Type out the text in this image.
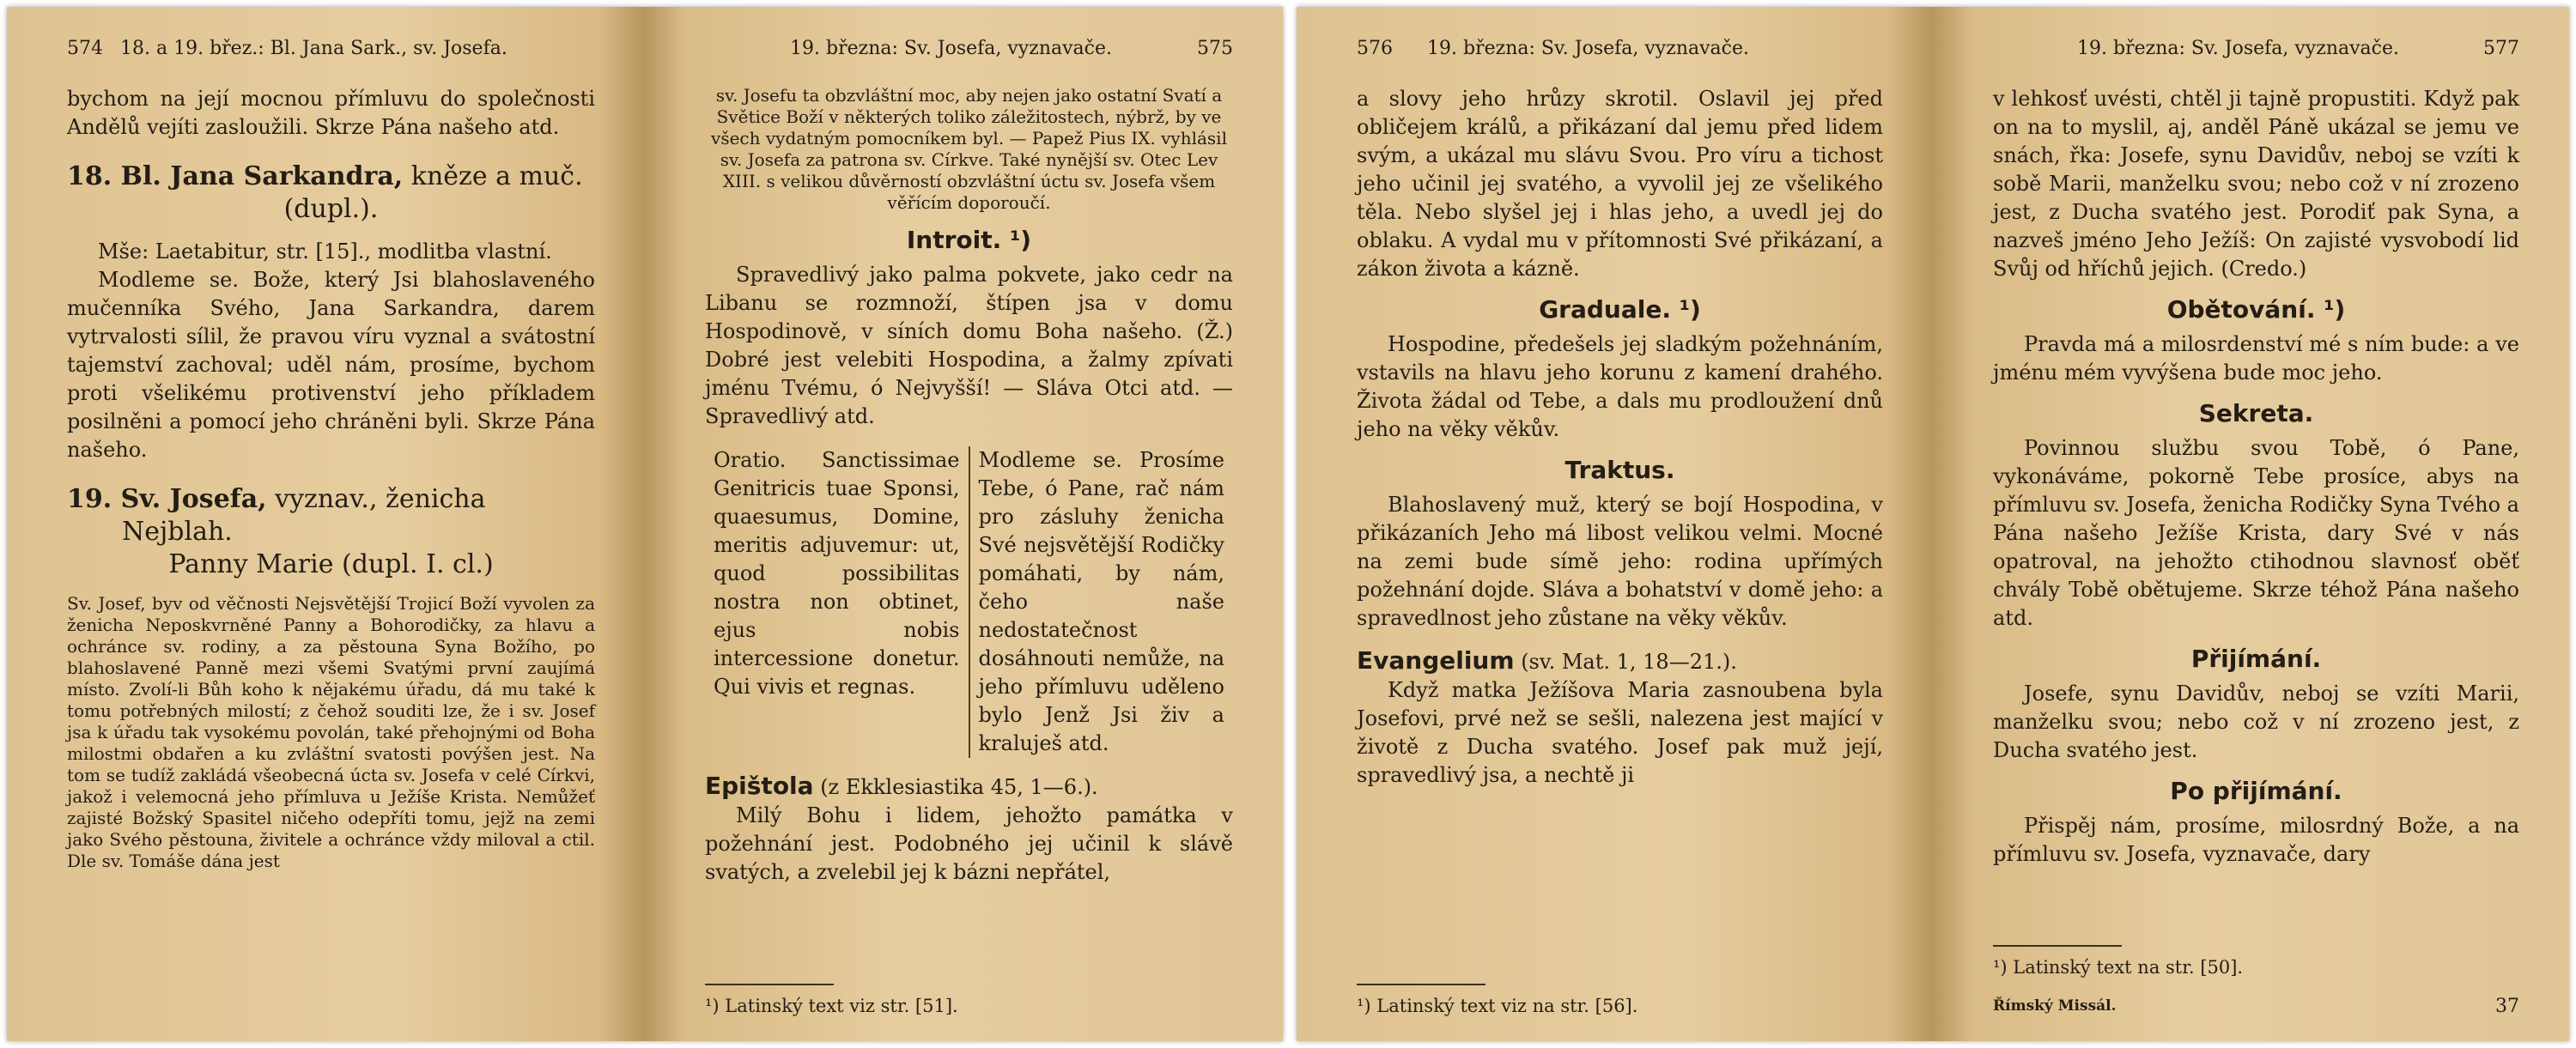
574 18. a 19. břez.: Bl. Jana Sark., sv. Josefa.

bychom na její mocnou přímluvu do společnosti Andělů vejíti zasloužili. Skrze Pána našeho atd.

18. Bl. Jana Sarkandra, kněze a muč.
(dupl.).

Mše: Laetabitur, str. [15]., modlitba vlastní.

Modleme se. Bože, který Jsi blahoslaveného mučenníka Svého, Jana Sarkandra, darem vytrvalosti sílil, že pravou víru vyznal a svátostní tajemství zachoval; uděl nám, prosíme, bychom proti všelikému protivenství jeho příkladem posilněni a pomocí jeho chráněni byli. Skrze Pána našeho.

19. Sv. Josefa, vyznav., ženicha Nejblah.
Panny Marie (dupl. I. cl.)

Sv. Josef, byv od věčnosti Nejsvětější Trojicí Boží vyvolen za ženicha Neposkvrněné Panny a Bohorodičky, za hlavu a ochránce sv. rodiny, a za pěstouna Syna Božího, po blahoslavené Panně mezi všemi Svatými první zaujímá místo. Zvolí-li Bůh koho k nějakému úřadu, dá mu také k tomu potřebných milostí; z čehož souditi lze, že i sv. Josef jsa k úřadu tak vysokému povolán, také přehojnými od Boha milostmi obdařen a ku zvláštní svatosti povýšen jest. Na tom se tudíž zakládá všeobecná úcta sv. Josefa v celé Církvi, jakož i velemocná jeho přímluva u Ježíše Krista. Nemůžeť zajisté Božský Spasitel ničeho odepříti tomu, jejž na zemi jako Svého pěstouna, živitele a ochránce vždy miloval a ctil. Dle sv. Tomáše dána jest

19. března: Sv. Josefa, vyznavače.	575

sv. Josefu ta obzvláštní moc, aby nejen jako ostatní Svatí a Světice Boží v některých toliko záležitostech, nýbrž, by ve všech vydatným pomocníkem byl. — Papež Pius IX. vyhlásil sv. Josefa za patrona sv. Církve. Také nynější sv. Otec Lev XIII. s velikou důvěrností obzvláštní úctu sv. Josefa všem věřícím doporoučí.

Introit. ¹)

Spravedlivý jako palma pokvete, jako cedr na Libanu se rozmnoží, štípen jsa v domu Hospodinově, v síních domu Boha našeho. (Ž.) Dobré jest velebiti Hospodina, a žalmy zpívati jménu Tvému, ó Nejvyšší! — Sláva Otci atd. — Spravedlivý atd.

Oratio. Sanctissimae Genitricis tuae Sponsi, quaesumus, Domine, meritis adjuvemur: ut, quod possibilitas nostra non obtinet, ejus nobis intercessione donetur. Qui vivis et regnas.
Modleme se. Prosíme Tebe, ó Pane, rač nám pro zásluhy ženicha Své nejsvětější Rodičky pomáhati, by nám, čeho naše nedostatečnost dosáhnouti nemůže, na jeho přímluvu uděleno bylo Jenž Jsi živ a kraluješ atd.

Epištola (z Ekklesiastika 45, 1—6.).

Milý Bohu i lidem, jehožto památka v požehnání jest. Podobného jej učinil k slávě svatých, a zvelebil jej k bázni nepřátel,

¹) Latinský text viz str. [51].
576	19. března: Sv. Josefa, vyznavače.

a slovy jeho hrůzy skrotil. Oslavil jej před obličejem králů, a přikázaní dal jemu před lidem svým, a ukázal mu slávu Svou. Pro víru a tichost jeho učinil jej svatého, a vyvolil jej ze všelikého těla. Nebo slyšel jej i hlas jeho, a uvedl jej do oblaku. A vydal mu v přítomnosti Své přikázaní, a zákon života a kázně.

Graduale. ¹)

Hospodine, předešels jej sladkým požehnáním, vstavils na hlavu jeho korunu z kamení drahého. Života žádal od Tebe, a dals mu prodloužení dnů jeho na věky věkův.

Traktus.

Blahoslavený muž, který se bojí Hospodina, v přikázaních Jeho má libost velikou velmi. Mocné na zemi bude símě jeho: rodina upřímých požehnání dojde. Sláva a bohatství v domě jeho: a spravedlnost jeho zůstane na věky věkův.

Evangelium (sv. Mat. 1, 18—21.).

Když matka Ježíšova Maria zasnoubena byla Josefovi, prvé než se sešli, nalezena jest mající v životě z Ducha svatého. Josef pak muž její, spravedlivý jsa, a nechtě ji

¹) Latinský text viz na str. [56].
19. března: Sv. Josefa, vyznavače.	577

v lehkosť uvésti, chtěl ji tajně propustiti. Když pak on na to myslil, aj, anděl Páně ukázal se jemu ve snách, řka: Josefe, synu Davidův, neboj se vzíti k sobě Marii, manželku svou; nebo což v ní zrozeno jest, z Ducha svatého jest. Porodiť pak Syna, a nazveš jméno Jeho Ježíš: On zajisté vysvobodí lid Svůj od hříchů jejich. (Credo.)

Obětování. ¹)

Pravda má a milosrdenství mé s ním bude: a ve jménu mém vyvýšena bude moc jeho.

Sekreta.

Povinnou službu svou Tobě, ó Pane, vykonáváme, pokorně Tebe prosíce, abys na přímluvu sv. Josefa, ženicha Rodičky Syna Tvého a Pána našeho Ježíše Krista, dary Své v nás opatroval, na jehožto ctihodnou slavnosť oběť chvály Tobě obětujeme. Skrze téhož Pána našeho atd.

Přijímání.

Josefe, synu Davidův, neboj se vzíti Marii, manželku svou; nebo což v ní zrozeno jest, z Ducha svatého jest.

Po přijímání.

Přispěj nám, prosíme, milosrdný Bože, a na přímluvu sv. Josefa, vyznavače, dary

¹) Latinský text na str. [50].
Římský Missál.	37
